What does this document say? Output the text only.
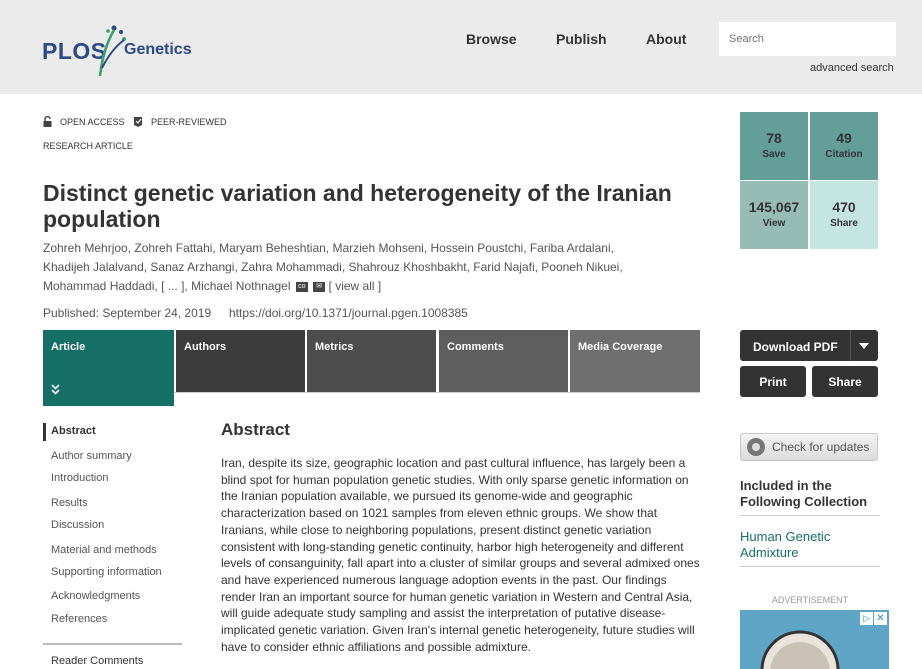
PLOS Genetics
Browse	Publish	About
Search
advanced search
OPEN ACCESS	PEER-REVIEWED
RESEARCH ARTICLE
Distinct genetic variation and heterogeneity of the Iranian population
Zohreh Mehrjoo, Zohreh Fattahi, Maryam Beheshtian, Marzieh Mohseni, Hossein Poustchi, Fariba Ardalani,
Khadijeh Jalalvand, Sanaz Arzhangi, Zahra Mohammadi, Shahrouz Khoshbakht, Farid Najafi, Pooneh Nikuei,
Mohammad Haddadi, [ ... ], Michael Nothnagel co ✉ [ view all ]
Published: September 24, 2019 https://doi.org/10.1371/journal.pgen.1008385
Article	Authors	Metrics	Comments	Media Coverage
78
Save
49
Citation
145,067
View
470
Share
Download PDF
Print	Share
Check for updates
Included in the Following Collection
Human Genetic Admixture
ADVERTISEMENT
▷ ✕
Abstract
Author summary
Introduction
Results
Discussion
Material and methods
Supporting information
Acknowledgments
References
Reader Comments
Abstract

Iran, despite its size, geographic location and past cultural influence, has largely been a blind spot for human population genetic studies. With only sparse genetic information on the Iranian population available, we pursued its genome-wide and geographic characterization based on 1021 samples from eleven ethnic groups. We show that Iranians, while close to neighboring populations, present distinct genetic variation consistent with long-standing genetic continuity, harbor high heterogeneity and different levels of consanguinity, fall apart into a cluster of similar groups and several admixed ones and have experienced numerous language adoption events in the past. Our findings render Iran an important source for human genetic variation in Western and Central Asia, will guide adequate study sampling and assist the interpretation of putative disease-implicated genetic variation. Given Iran's internal genetic heterogeneity, future studies will have to consider ethnic affiliations and possible admixture.
